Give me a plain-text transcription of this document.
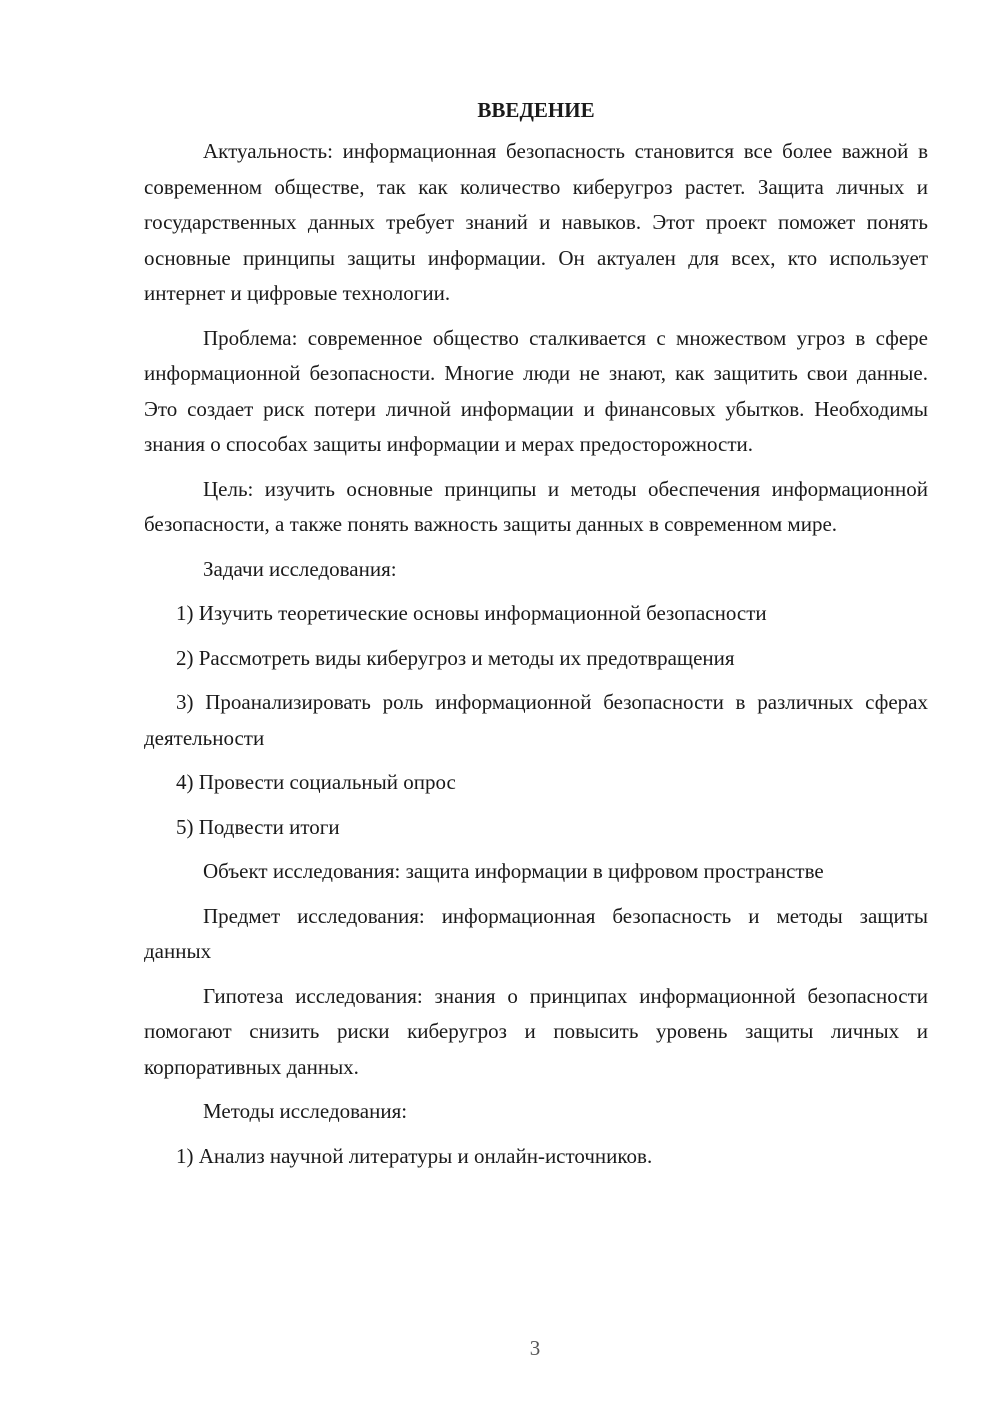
ВВЕДЕНИЕ

Актуальность: информационная безопасность становится все более важной в современном обществе, так как количество киберугроз растет. Защита личных и государственных данных требует знаний и навыков. Этот проект поможет понять основные принципы защиты информации. Он актуален для всех, кто использует интернет и цифровые технологии.

Проблема: современное общество сталкивается с множеством угроз в сфере информационной безопасности. Многие люди не знают, как защитить свои данные. Это создает риск потери личной информации и финансовых убытков. Необходимы знания о способах защиты информации и мерах предосторожности.

Цель: изучить основные принципы и методы обеспечения информационной безопасности, а также понять важность защиты данных в современном мире.

Задачи исследования:

1) Изучить теоретические основы информационной безопасности

2) Рассмотреть виды киберугроз и методы их предотвращения

3) Проанализировать роль информационной безопасности в различных сферах деятельности

4) Провести социальный опрос

5) Подвести итоги

Объект исследования: защита информации в цифровом пространстве

Предмет исследования: информационная безопасность и методы защиты данных

Гипотеза исследования: знания о принципах информационной безопасности помогают снизить риски киберугроз и повысить уровень защиты личных и корпоративных данных.

Методы исследования:

1) Анализ научной литературы и онлайн-источников.

3
